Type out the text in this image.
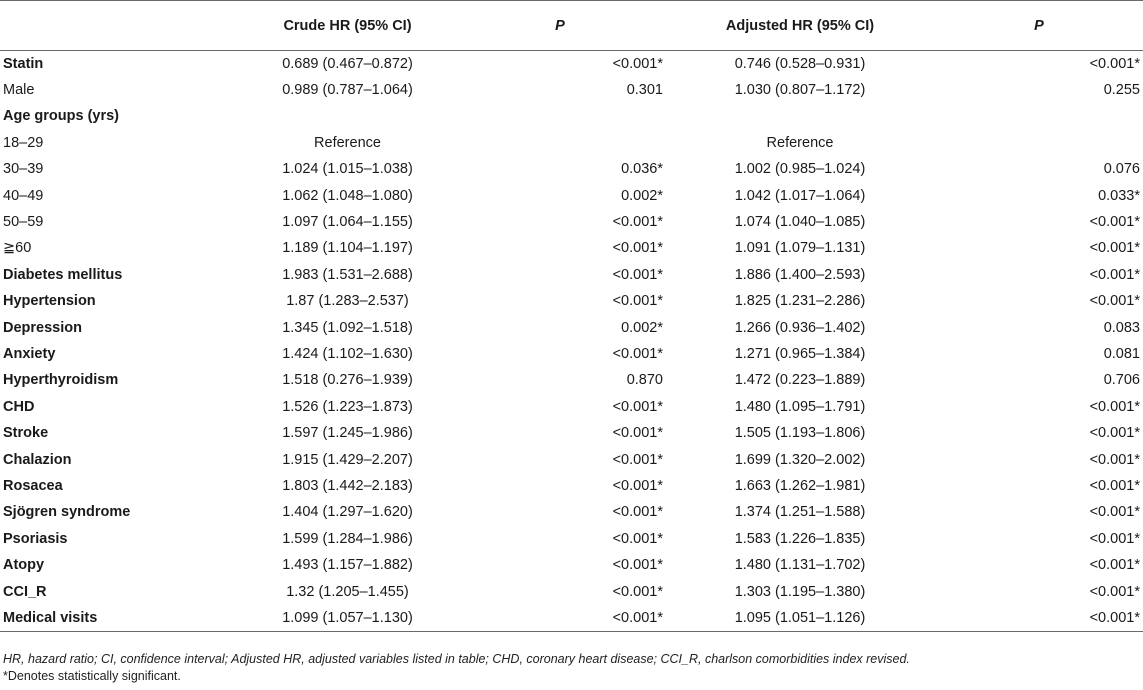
	Crude HR (95% CI)	P	Adjusted HR (95% CI)	P
Statin	0.689 (0.467–0.872)	<0.001*	0.746 (0.528–0.931)	<0.001*
Male	0.989 (0.787–1.064)	0.301	1.030 (0.807–1.172)	0.255
Age groups (yrs)				
18–29	Reference		Reference	
30–39	1.024 (1.015–1.038)	0.036*	1.002 (0.985–1.024)	0.076
40–49	1.062 (1.048–1.080)	0.002*	1.042 (1.017–1.064)	0.033*
50–59	1.097 (1.064–1.155)	<0.001*	1.074 (1.040–1.085)	<0.001*
≧60	1.189 (1.104–1.197)	<0.001*	1.091 (1.079–1.131)	<0.001*
Diabetes mellitus	1.983 (1.531–2.688)	<0.001*	1.886 (1.400–2.593)	<0.001*
Hypertension	1.87 (1.283–2.537)	<0.001*	1.825 (1.231–2.286)	<0.001*
Depression	1.345 (1.092–1.518)	0.002*	1.266 (0.936–1.402)	0.083
Anxiety	1.424 (1.102–1.630)	<0.001*	1.271 (0.965–1.384)	0.081
Hyperthyroidism	1.518 (0.276–1.939)	0.870	1.472 (0.223–1.889)	0.706
CHD	1.526 (1.223–1.873)	<0.001*	1.480 (1.095–1.791)	<0.001*
Stroke	1.597 (1.245–1.986)	<0.001*	1.505 (1.193–1.806)	<0.001*
Chalazion	1.915 (1.429–2.207)	<0.001*	1.699 (1.320–2.002)	<0.001*
Rosacea	1.803 (1.442–2.183)	<0.001*	1.663 (1.262–1.981)	<0.001*
Sjögren syndrome	1.404 (1.297–1.620)	<0.001*	1.374 (1.251–1.588)	<0.001*
Psoriasis	1.599 (1.284–1.986)	<0.001*	1.583 (1.226–1.835)	<0.001*
Atopy	1.493 (1.157–1.882)	<0.001*	1.480 (1.131–1.702)	<0.001*
CCI_R	1.32 (1.205–1.455)	<0.001*	1.303 (1.195–1.380)	<0.001*
Medical visits	1.099 (1.057–1.130)	<0.001*	1.095 (1.051–1.126)	<0.001*
HR, hazard ratio; CI, confidence interval; Adjusted HR, adjusted variables listed in table; CHD, coronary heart disease; CCI_R, charlson comorbidities index revised.
*Denotes statistically significant.
